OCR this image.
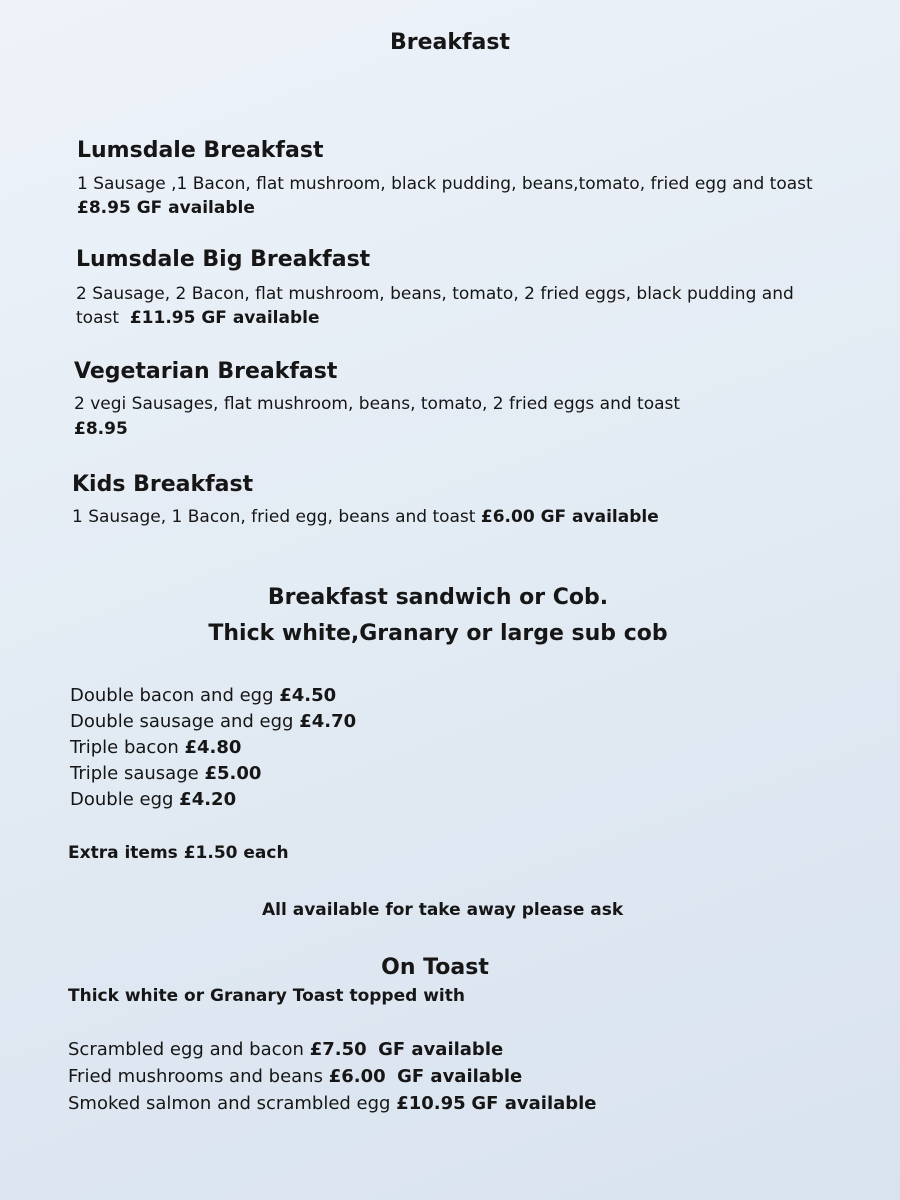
Breakfast
Lumsdale Breakfast
1 Sausage ,1 Bacon, flat mushroom, black pudding, beans,tomato, fried egg and toast
£8.95 GF available
Lumsdale Big Breakfast
2 Sausage, 2 Bacon, flat mushroom, beans, tomato, 2 fried eggs, black pudding and
toast £11.95 GF available
Vegetarian Breakfast
2 vegi Sausages, flat mushroom, beans, tomato, 2 fried eggs and toast
£8.95
Kids Breakfast
1 Sausage, 1 Bacon, fried egg, beans and toast £6.00 GF available
Breakfast sandwich or Cob.
Thick white,Granary or large sub cob
Double bacon and egg £4.50
Double sausage and egg £4.70
Triple bacon £4.80
Triple sausage £5.00
Double egg £4.20
Extra items £1.50 each
All available for take away please ask
On Toast
Thick white or Granary Toast topped with
Scrambled egg and bacon £7.50 GF available
Fried mushrooms and beans £6.00 GF available
Smoked salmon and scrambled egg £10.95 GF available
